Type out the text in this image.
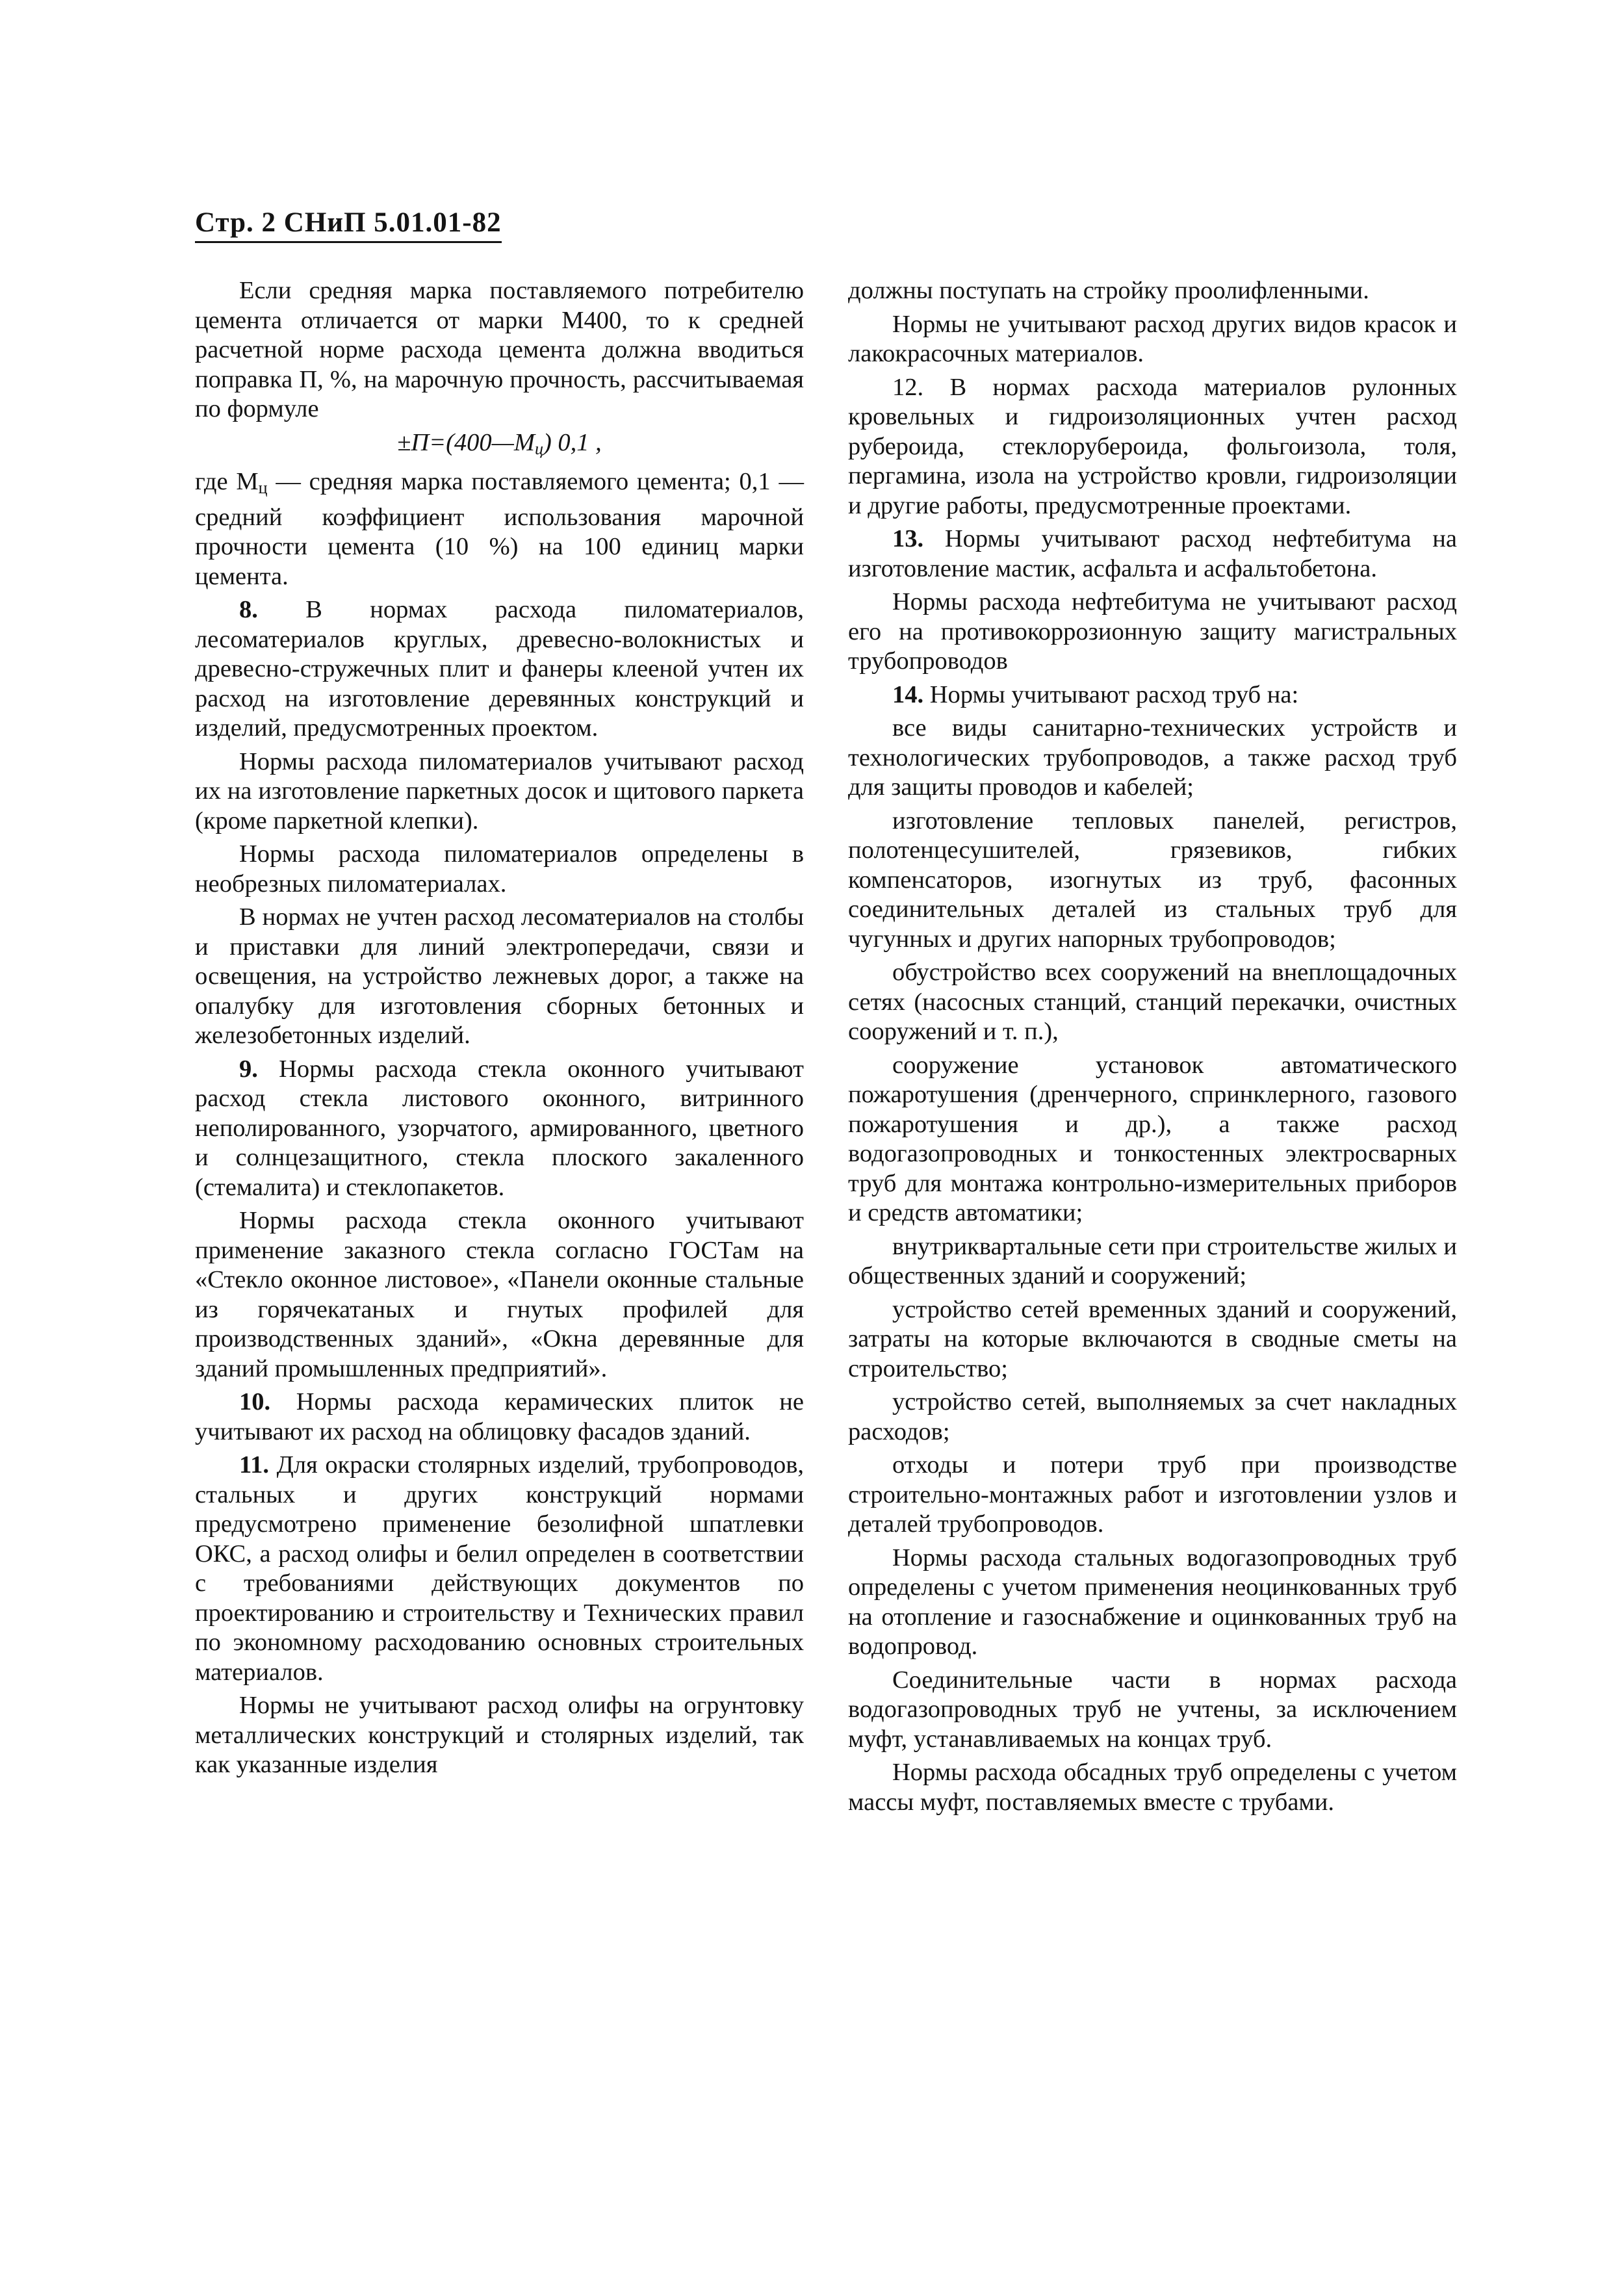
Стр. 2 СНиП 5.01.01-82

Если средняя марка поставляемого потребителю цемента отличается от марки М400, то к средней расчетной норме расхода цемента должна вводиться поправка П, %, на марочную прочность, рассчитываемая по формуле

$\pm П=(400—М_ц)$ 0,1 ,

где $М_ц$ — средняя марка поставляемого цемента; 0,1 — средний коэффициент использования марочной прочности цемента (10 %) на 100 единиц марки цемента.

8. В нормах расхода пиломатериалов, лесоматериалов круглых, древесно-волокнистых и древесно-стружечных плит и фанеры клееной учтен их расход на изготовление деревянных конструкций и изделий, предусмотренных проектом.

Нормы расхода пиломатериалов учитывают расход их на изготовление паркетных досок и щитового паркета (кроме паркетной клепки).

Нормы расхода пиломатериалов определены в необрезных пиломатериалах.

В нормах не учтен расход лесоматериалов на столбы и приставки для линий электропередачи, связи и освещения, на устройство лежневых дорог, а также на опалубку для изготовления сборных бетонных и железобетонных изделий.

9. Нормы расхода стекла оконного учитывают расход стекла листового оконного, витринного неполированного, узорчатого, армированного, цветного и солнцезащитного, стекла плоского закаленного (стемалита) и стеклопакетов.

Нормы расхода стекла оконного учитывают применение заказного стекла согласно ГОСТам на «Стекло оконное листовое», «Панели оконные стальные из горячекатаных и гнутых профилей для производственных зданий», «Окна деревянные для зданий промышленных предприятий».

10. Нормы расхода керамических плиток не учитывают их расход на облицовку фасадов зданий.

11. Для окраски столярных изделий, трубопроводов, стальных и других конструкций нормами предусмотрено применение безолифной шпатлевки ОКС, а расход олифы и белил определен в соответствии с требованиями действующих документов по проектированию и строительству и Технических правил по экономному расходованию основных строительных материалов.

Нормы не учитывают расход олифы на огрунтовку металлических конструкций и столярных изделий, так как указанные изделия

должны поступать на стройку проолифленными.

Нормы не учитывают расход других видов красок и лакокрасочных материалов.

12. В нормах расхода материалов рулонных кровельных и гидроизоляционных учтен расход рубероида, стеклорубероида, фольгоизола, толя, пергамина, изола на устройство кровли, гидроизоляции и другие работы, предусмотренные проектами.

13. Нормы учитывают расход нефтебитума на изготовление мастик, асфальта и асфальтобетона.

Нормы расхода нефтебитума не учитывают расход его на противокоррозионную защиту магистральных трубопроводов

14. Нормы учитывают расход труб на:

все виды санитарно-технических устройств и технологических трубопроводов, а также расход труб для защиты проводов и кабелей;

изготовление тепловых панелей, регистров, полотенцесушителей, грязевиков, гибких компенсаторов, изогнутых из труб, фасонных соединительных деталей из стальных труб для чугунных и других напорных трубопроводов;

обустройство всех сооружений на внеплощадочных сетях (насосных станций, станций перекачки, очистных сооружений и т. п.),

сооружение установок автоматического пожаротушения (дренчерного, спринклерного, газового пожаротушения и др.), а также расход водогазопроводных и тонкостенных электросварных труб для монтажа контрольно-измерительных приборов и средств автоматики;

внутриквартальные сети при строительстве жилых и общественных зданий и сооружений;

устройство сетей временных зданий и сооружений, затраты на которые включаются в сводные сметы на строительство;

устройство сетей, выполняемых за счет накладных расходов;

отходы и потери труб при производстве строительно-монтажных работ и изготовлении узлов и деталей трубопроводов.

Нормы расхода стальных водогазопроводных труб определены с учетом применения неоцинкованных труб на отопление и газоснабжение и оцинкованных труб на водопровод.

Соединительные части в нормах расхода водогазопроводных труб не учтены, за исключением муфт, устанавливаемых на концах труб.

Нормы расхода обсадных труб определены с учетом массы муфт, поставляемых вместе с трубами.
